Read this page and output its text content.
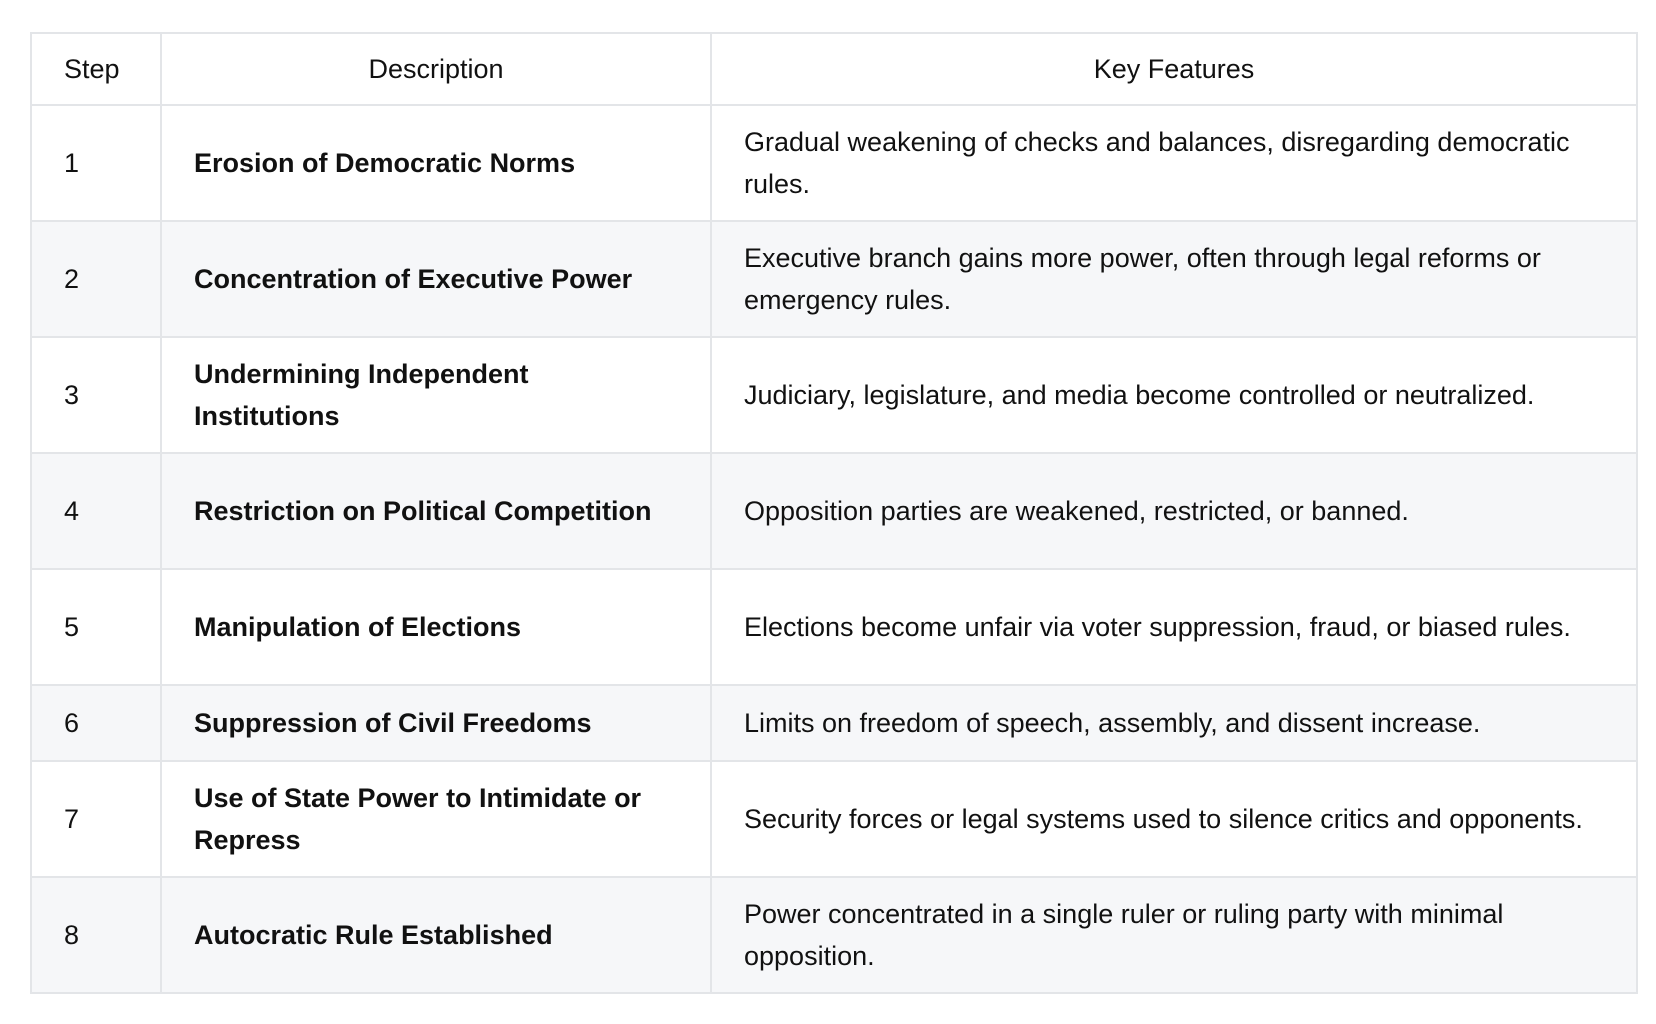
Step	Description	Key Features
1	Erosion of Democratic Norms	Gradual weakening of checks and balances, disregarding democratic rules.
2	Concentration of Executive Power	Executive branch gains more power, often through legal reforms or emergency rules.
3	Undermining Independent Institutions	Judiciary, legislature, and media become controlled or neutralized.
4	Restriction on Political Competition	Opposition parties are weakened, restricted, or banned.
5	Manipulation of Elections	Elections become unfair via voter suppression, fraud, or biased rules.
6	Suppression of Civil Freedoms	Limits on freedom of speech, assembly, and dissent increase.
7	Use of State Power to Intimidate or Repress	Security forces or legal systems used to silence critics and opponents.
8	Autocratic Rule Established	Power concentrated in a single ruler or ruling party with minimal opposition.
